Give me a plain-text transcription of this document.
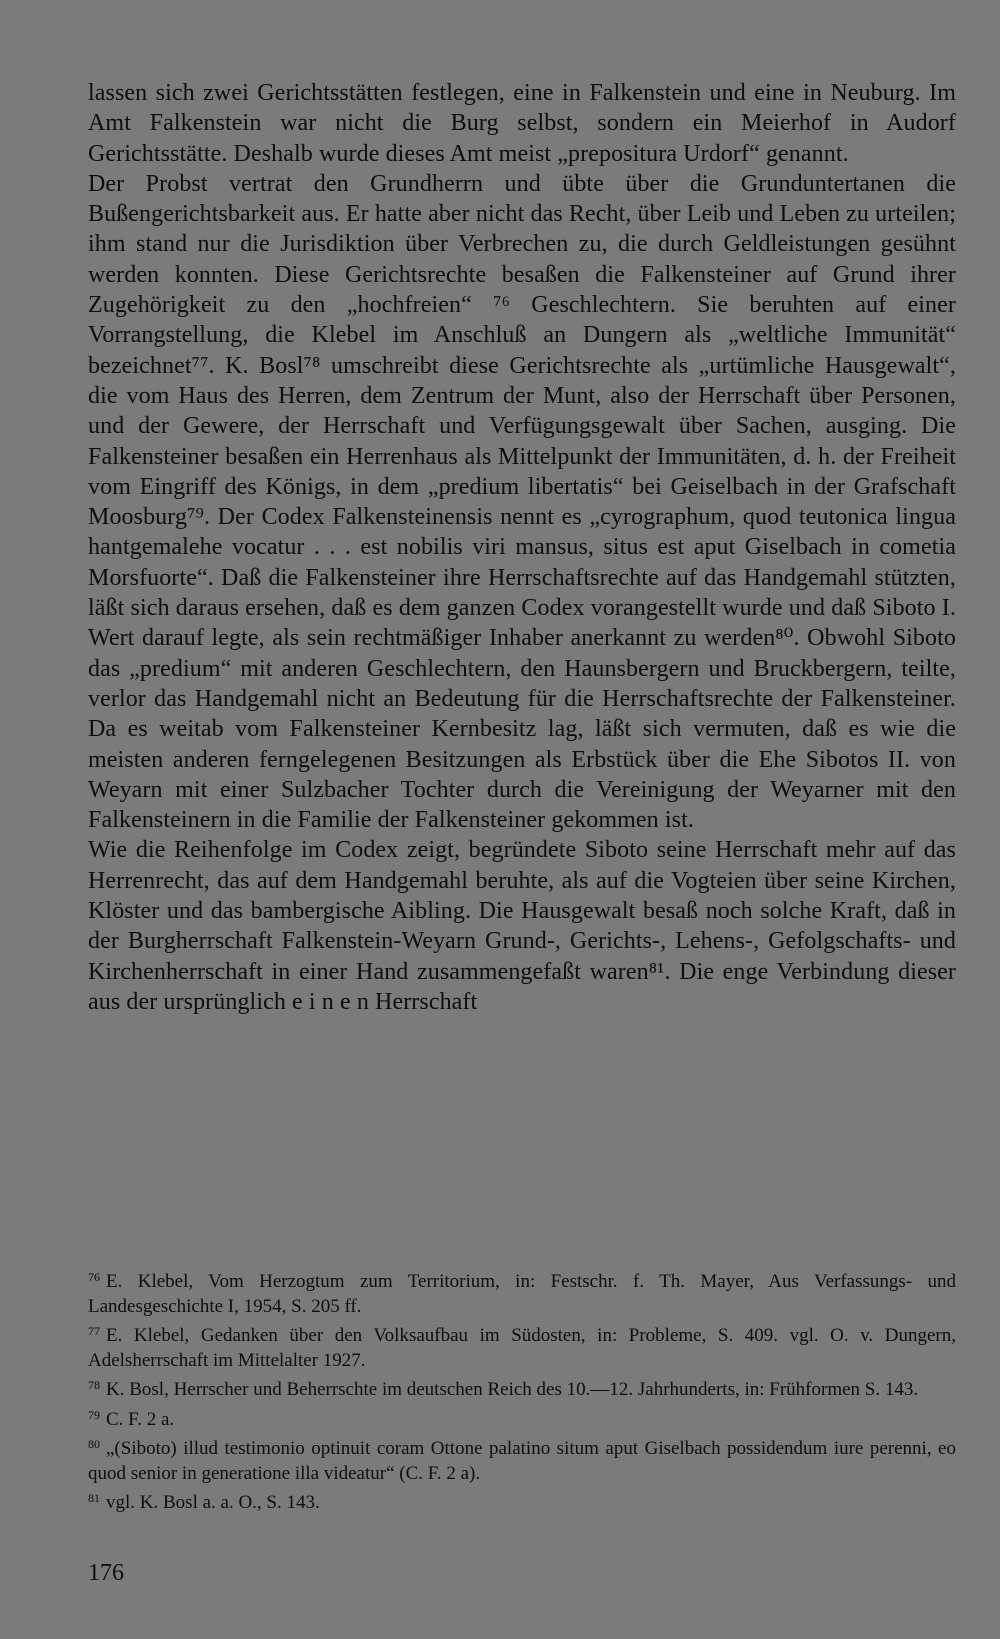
lassen sich zwei Gerichtsstätten festlegen, eine in Falkenstein und eine in Neuburg. Im Amt Falkenstein war nicht die Burg selbst, sondern ein Meierhof in Audorf Gerichtsstätte. Deshalb wurde dieses Amt meist „prepositura Urdorf“ genannt.

Der Probst vertrat den Grundherrn und übte über die Grunduntertanen die Bußengerichtsbarkeit aus. Er hatte aber nicht das Recht, über Leib und Leben zu urteilen; ihm stand nur die Jurisdiktion über Verbrechen zu, die durch Geldleistungen gesühnt werden konnten. Diese Gerichtsrechte besaßen die Falkensteiner auf Grund ihrer Zugehörigkeit zu den „hochfreien“ ⁷⁶ Geschlechtern. Sie beruhten auf einer Vorrangstellung, die Klebel im Anschluß an Dungern als „weltliche Immunität“ bezeichnet⁷⁷. K. Bosl⁷⁸ umschreibt diese Gerichtsrechte als „urtümliche Hausgewalt“, die vom Haus des Herren, dem Zentrum der Munt, also der Herrschaft über Personen, und der Gewere, der Herrschaft und Verfügungsgewalt über Sachen, ausging. Die Falkensteiner besaßen ein Herrenhaus als Mittelpunkt der Immunitäten, d. h. der Freiheit vom Eingriff des Königs, in dem „predium libertatis“ bei Geiselbach in der Grafschaft Moosburg⁷⁹. Der Codex Falkensteinensis nennt es „cyrographum, quod teutonica lingua hantgemalehe vocatur . . . est nobilis viri mansus, situs est aput Giselbach in cometia Morsfuorte“. Daß die Falkensteiner ihre Herrschaftsrechte auf das Handgemahl stützten, läßt sich daraus ersehen, daß es dem ganzen Codex vorangestellt wurde und daß Siboto I. Wert darauf legte, als sein rechtmäßiger Inhaber anerkannt zu werden⁸⁰. Obwohl Siboto das „predium“ mit anderen Geschlechtern, den Haunsbergern und Bruckbergern, teilte, verlor das Handgemahl nicht an Bedeutung für die Herrschaftsrechte der Falkensteiner. Da es weitab vom Falkensteiner Kernbesitz lag, läßt sich vermuten, daß es wie die meisten anderen ferngelegenen Besitzungen als Erbstück über die Ehe Sibotos II. von Weyarn mit einer Sulzbacher Tochter durch die Vereinigung der Weyarner mit den Falkensteinern in die Familie der Falkensteiner gekommen ist.

Wie die Reihenfolge im Codex zeigt, begründete Siboto seine Herrschaft mehr auf das Herrenrecht, das auf dem Handgemahl beruhte, als auf die Vogteien über seine Kirchen, Klöster und das bambergische Aibling. Die Hausgewalt besaß noch solche Kraft, daß in der Burgherrschaft Falkenstein-Weyarn Grund-, Gerichts-, Lehens-, Gefolgschafts- und Kirchenherrschaft in einer Hand zusammengefaßt waren⁸¹. Die enge Verbindung dieser aus der ursprünglich e i n e n Herrschaft

$^{76}$ E. Klebel, Vom Herzogtum zum Territorium, in: Festschr. f. Th. Mayer, Aus Verfassungs- und Landesgeschichte I, 1954, S. 205 ff.

$^{77}$ E. Klebel, Gedanken über den Volksaufbau im Südosten, in: Probleme, S. 409. vgl. O. v. Dungern, Adelsherrschaft im Mittelalter 1927.

$^{78}$ K. Bosl, Herrscher und Beherrschte im deutschen Reich des 10.—12. Jahrhunderts, in: Frühformen S. 143.

$^{79}$ C. F. 2 a.

$^{80}$ „(Siboto) illud testimonio optinuit coram Ottone palatino situm aput Giselbach possidendum iure perenni, eo quod senior in generatione illa videatur“ (C. F. 2 a).

$^{81}$ vgl. K. Bosl a. a. O., S. 143.

176
